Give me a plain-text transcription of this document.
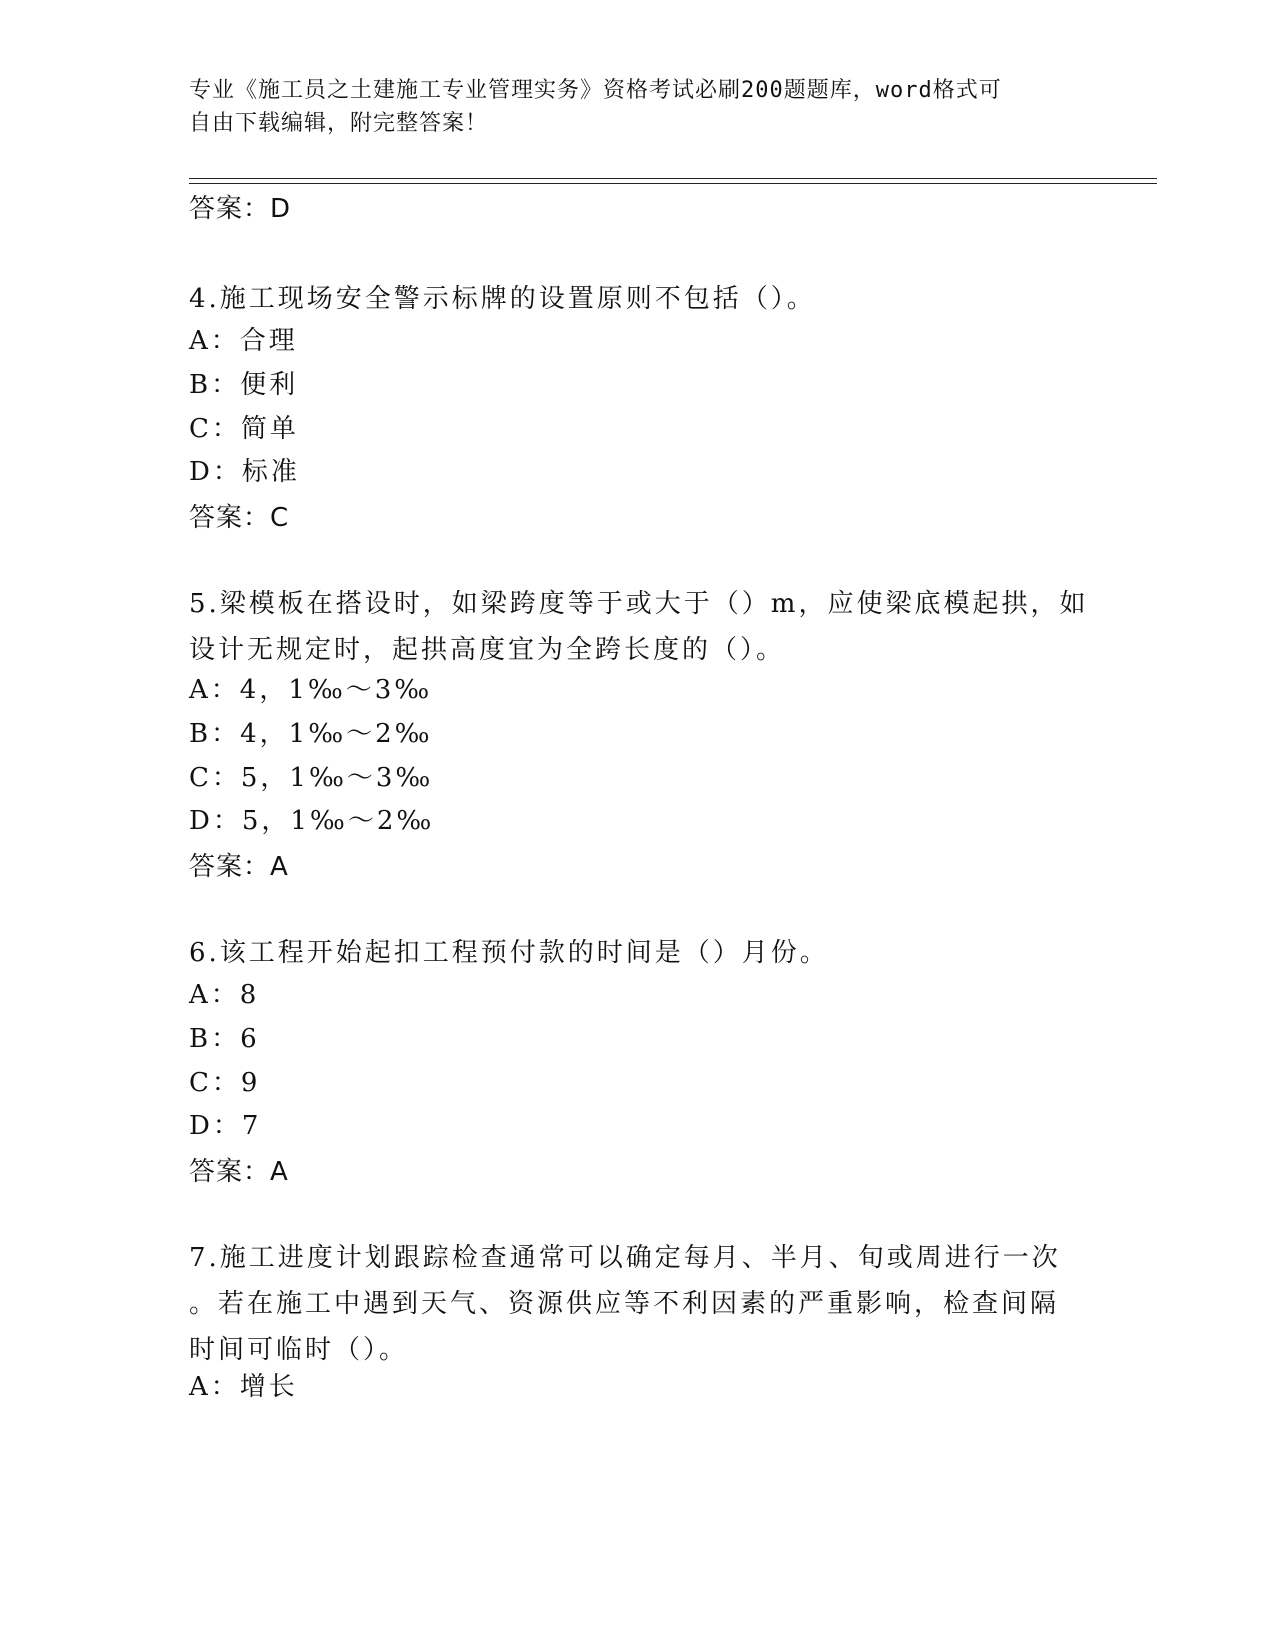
专业《施工员之土建施工专业管理实务》资格考试必刷200题题库，word格式可
自由下载编辑，附完整答案！
答案：D
4.施工现场安全警示标牌的设置原则不包括（）。
A：合理
B：便利
C：简单
D：标准
答案：C
5.梁模板在搭设时，如梁跨度等于或大于（）m，应使梁底模起拱，如
设计无规定时，起拱高度宜为全跨长度的（）。
A：4，1‰～3‰
B：4，1‰～2‰
C：5，1‰～3‰
D：5，1‰～2‰
答案：A
6.该工程开始起扣工程预付款的时间是（）月份。
A：8
B：6
C：9
D：7
答案：A
7.施工进度计划跟踪检查通常可以确定每月、半月、旬或周进行一次
。若在施工中遇到天气、资源供应等不利因素的严重影响，检查间隔
时间可临时（）。
A：增长
